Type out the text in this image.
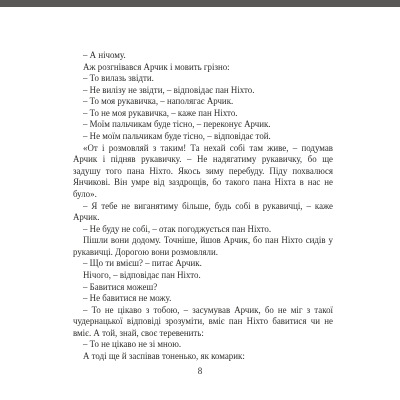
– А нічому.

Аж розгнівався Арчик і мовить грізно:

– То вилазь звідти.

– Не вилізу не звідти, – відповідає пан Ніхто.

– То моя рукавичка, – наполягає Арчик.

– То не моя рукавичка, – каже пан Ніхто.

– Моїм пальчикам буде тісно, – переконує Арчик.

– Не моїм пальчикам буде тісно, – відповідає той.

«От і розмовляй з таким! Та нехай собі там живе, – подумав Арчик і підняв рукавичку. – Не надягатиму рукавичку, бо ще задушу того пана Ніхто. Якось зиму перебуду. Піду похвалюся Янчикові. Він умре від заздрощів, бо такого пана Ніхта в нас не було».

– Я тебе не виганятиму більше, будь собі в рукавичці, – каже Арчик.

– Не буду не собі, – отак погоджується пан Ніхто.

Пішли вони додому. Точніше, йшов Арчик, бо пан Ніхто сидів у рукавичці. Дорогою вони розмовляли.

– Що ти вмієш? – питає Арчик.

Нічого, – відповідає пан Ніхто.

– Бавитися можеш?

– Не бавитися не можу.

– То не цікаво з тобою, – засумував Арчик, бо не міг з такої чудернацької відповіді зрозуміти, вміє пан Ніхто бавитися чи не вміє. А той, знай, своє теревенить:

– То не цікаво не зі мною.

А тоді ще й заспівав тоненько, як комарик:

8
